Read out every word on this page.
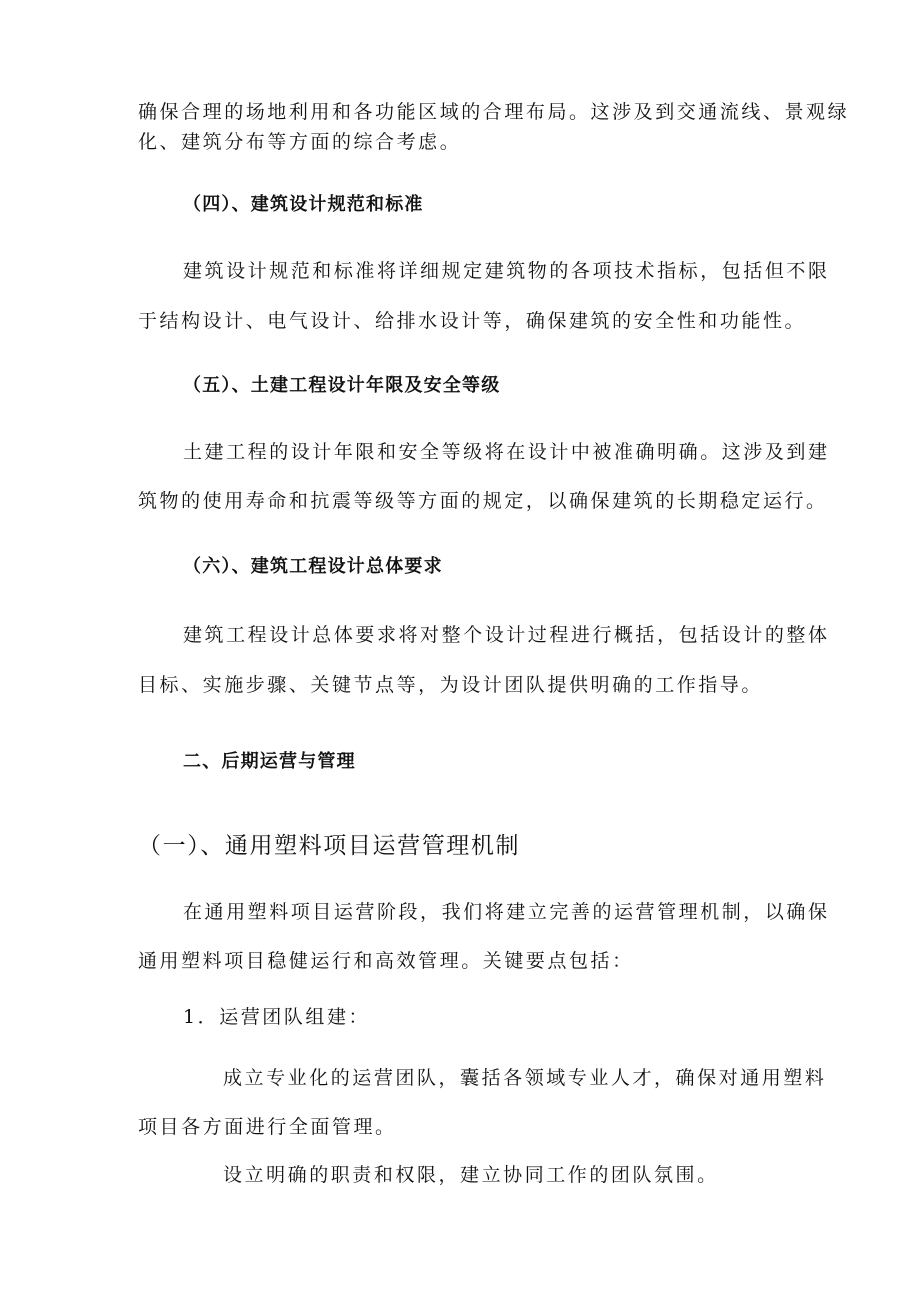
确保合理的场地利用和各功能区域的合理布局。这涉及到交通流线、景观绿

化、建筑分布等方面的综合考虑。

（四）、建筑设计规范和标准

建筑设计规范和标准将详细规定建筑物的各项技术指标，包括但不限

于结构设计、电气设计、给排水设计等，确保建筑的安全性和功能性。

（五）、土建工程设计年限及安全等级

土建工程的设计年限和安全等级将在设计中被准确明确。这涉及到建

筑物的使用寿命和抗震等级等方面的规定，以确保建筑的长期稳定运行。

（六）、建筑工程设计总体要求

建筑工程设计总体要求将对整个设计过程进行概括，包括设计的整体

目标、实施步骤、关键节点等，为设计团队提供明确的工作指导。

二、后期运营与管理

（一）、通用塑料项目运营管理机制

在通用塑料项目运营阶段，我们将建立完善的运营管理机制，以确保

通用塑料项目稳健运行和高效管理。关键要点包括：

1．运营团队组建：

成立专业化的运营团队，囊括各领域专业人才，确保对通用塑料

项目各方面进行全面管理。

设立明确的职责和权限，建立协同工作的团队氛围。
